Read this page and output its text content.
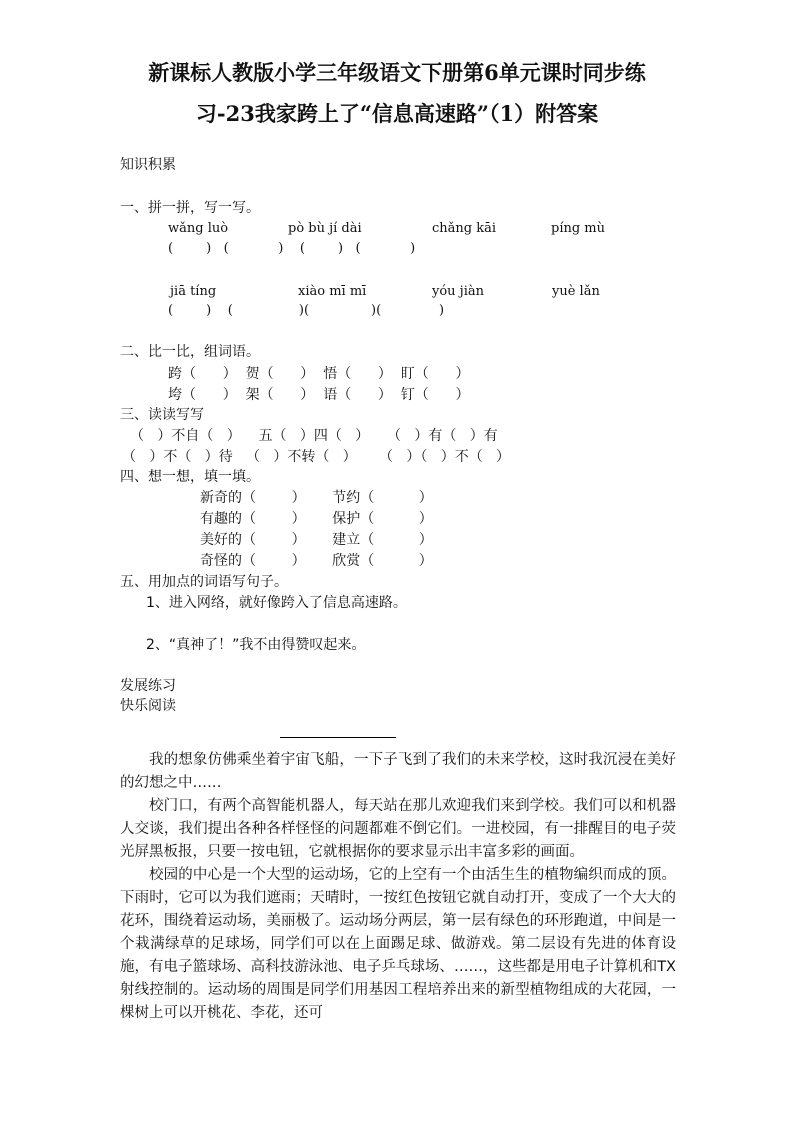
新课标人教版小学三年级语文下册第6单元课时同步练
习-23我家跨上了“信息高速路”（1）附答案
知识积累
一、拼一拼，写一写。
wǎng luò	pò bù jí dài	chǎng kāi	píng mù
(        )   (            )    (        )   (            )
jiā tíng	xiào mī mī	yóu jiàn	yuè lǎn
(        )    (                )(               )(              )
二、比一比，组词语。
跨（      ）  贺（      ）  悟（      ）  盯（      ）
垮（      ）  架（      ）  语（      ）  钉（      ）
三、读读写写
（   ）不自（   ）    五（   ）四（   ）    （   ）有（   ）有
（   ）不（   ）待   （   ）不转（   ）     （   ）（   ）不（   ）
四、想一想，填一填。
新奇的（        ）      节约（          ）
有趣的（        ）      保护（          ）
美好的（        ）      建立（          ）
奇怪的（        ）      欣赏（          ）
五、用加点的词语写句子。
1、进入网络，就好像跨入了信息高速路。
2、“真神了！”我不由得赞叹起来。
发展练习
快乐阅读

我的想象仿佛乘坐着宇宙飞船，一下子飞到了我们的未来学校，这时我沉浸在美好的幻想之中……

校门口，有两个高智能机器人，每天站在那儿欢迎我们来到学校。我们可以和机器人交谈，我们提出各种各样怪怪的问题都难不倒它们。一进校园，有一排醒目的电子荧光屏黑板报，只要一按电钮，它就根据你的要求显示出丰富多彩的画面。

校园的中心是一个大型的运动场，它的上空有一个由活生生的植物编织而成的顶。下雨时，它可以为我们遮雨；天晴时，一按红色按钮它就自动打开，变成了一个大大的花环，围绕着运动场，美丽极了。运动场分两层，第一层有绿色的环形跑道，中间是一个栽满绿草的足球场，同学们可以在上面踢足球、做游戏。第二层设有先进的体育设施，有电子篮球场、高科技游泳池、电子乒乓球场、……，这些都是用电子计算机和TX射线控制的。运动场的周围是同学们用基因工程培养出来的新型植物组成的大花园，一棵树上可以开桃花、李花，还可
